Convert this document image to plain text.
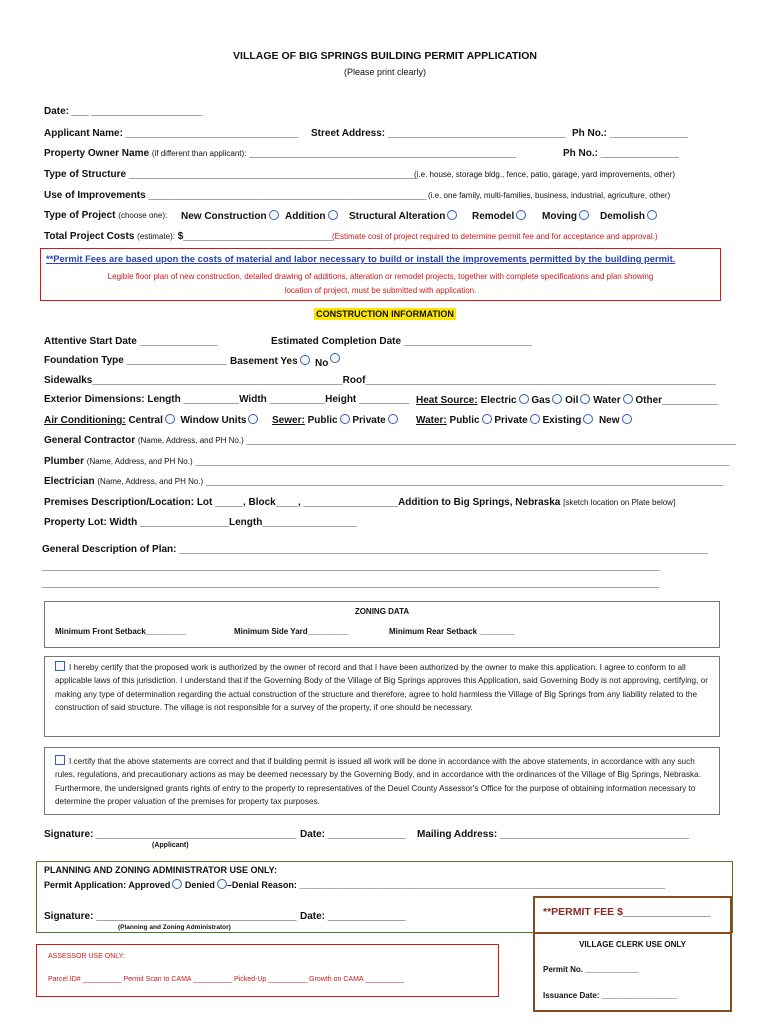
VILLAGE OF BIG SPRINGS BUILDING PERMIT APPLICATION
(Please print clearly)
Date: ___ ____________________
Applicant Name: _______________________________ Street Address: ________________________________ Ph No.: ______________
Property Owner Name (if different than applicant): ________________________________________________	Ph No.: ______________
Type of Structure ____________________________________________________
(i.e. house, storage bldg., fence, patio, garage, yard improvements, other)
Use of Improvements __________________________________________________ (i.e. one family, multi-families, business, industrial, agriculture, other)
Type of Project (choose one): New Construction	Addition	Structural Alteration	Remodel	Moving	Demolish
Total Project Costs (estimate): $___________________________
(Estimate cost of project required to determine permit fee and for acceptance and approval.)
**Permit Fees are based upon the costs of material and labor necessary to build or install the improvements permitted by the building permit.
Legible floor plan of new construction, detailed drawing of additions, alteration or remodel projects, together with complete specifications and plan showing
location of project, must be submitted with application.
CONSTRUCTION INFORMATION
Attentive Start Date ______________	Estimated Completion Date _______________________
Foundation Type __________________ Basement Yes	No
Sidewalks_____________________________________________Roof_______________________________________________________________
Exterior Dimensions: Length __________Width __________Height _________ Heat Source: Electric Gas Oil Water Other__________
Air Conditioning: Central Window Units	Sewer: Public Private	Water: Public Private Existing New
General Contractor (Name, Address, and PH No.) ________________________________________________________________________________________
Plumber (Name, Address, and PH No.) ________________________________________________________________________________________________
Electrician (Name, Address, and PH No.) _____________________________________________________________________________________________
Premises Description/Location: Lot _____, Block____, _________________Addition to Big Springs, Nebraska [sketch location on Plate below]
Property Lot: Width ________________Length_________________
General Description of Plan: _______________________________________________________________________________________________
_______________________________________________________________________________________________________________
_______________________________________________________________________________________________________________
ZONING DATA
Minimum Front Setback_________	Minimum Side Yard_________	Minimum Rear Setback ________
I hereby certify that the proposed work is authorized by the owner of record and that I have been authorized by the owner to make this application. I agree to conform to all applicable laws of this jurisdiction. I understand that if the Governing Body of the Village of Big Springs approves this Application, said Governing Body is not approving, certifying, or making any type of determination regarding the actual construction of the structure and therefore, agree to hold harmless the Village of Big Springs from any liability related to the construction of said structure. The village is not responsible for a survey of the property, if one should be necessary.
I certify that the above statements are correct and that if building permit is issued all work will be done in accordance with the above statements, in accordance with any such rules, regulations, and precautionary actions as may be deemed necessary by the Governing Body, and in accordance with the ordinances of the Village of Big Springs, Nebraska. Furthermore, the undersigned grants rights of entry to the property to representatives of the Deuel County Assessor's Office for the purpose of obtaining information necessary to determine the proper valuation of the premises for property tax purposes.
Signature: ____________________________________ Date: ______________ Mailing Address: __________________________________
(Applicant)
PLANNING AND ZONING ADMINISTRATOR USE ONLY:
Permit Application: Approved Denied –Denial Reason: _________________________________________________________________________
Signature: ____________________________________ Date: ______________
(Planning and Zoning Administrator)
**PERMIT FEE $_______________
VILLAGE CLERK USE ONLY
Permit No. ____________
Issuance Date: _________________
ASSESSOR USE ONLY:
Parcel ID# __________ Permit Scan to CAMA __________ Picked-Up __________ Growth on CAMA __________
